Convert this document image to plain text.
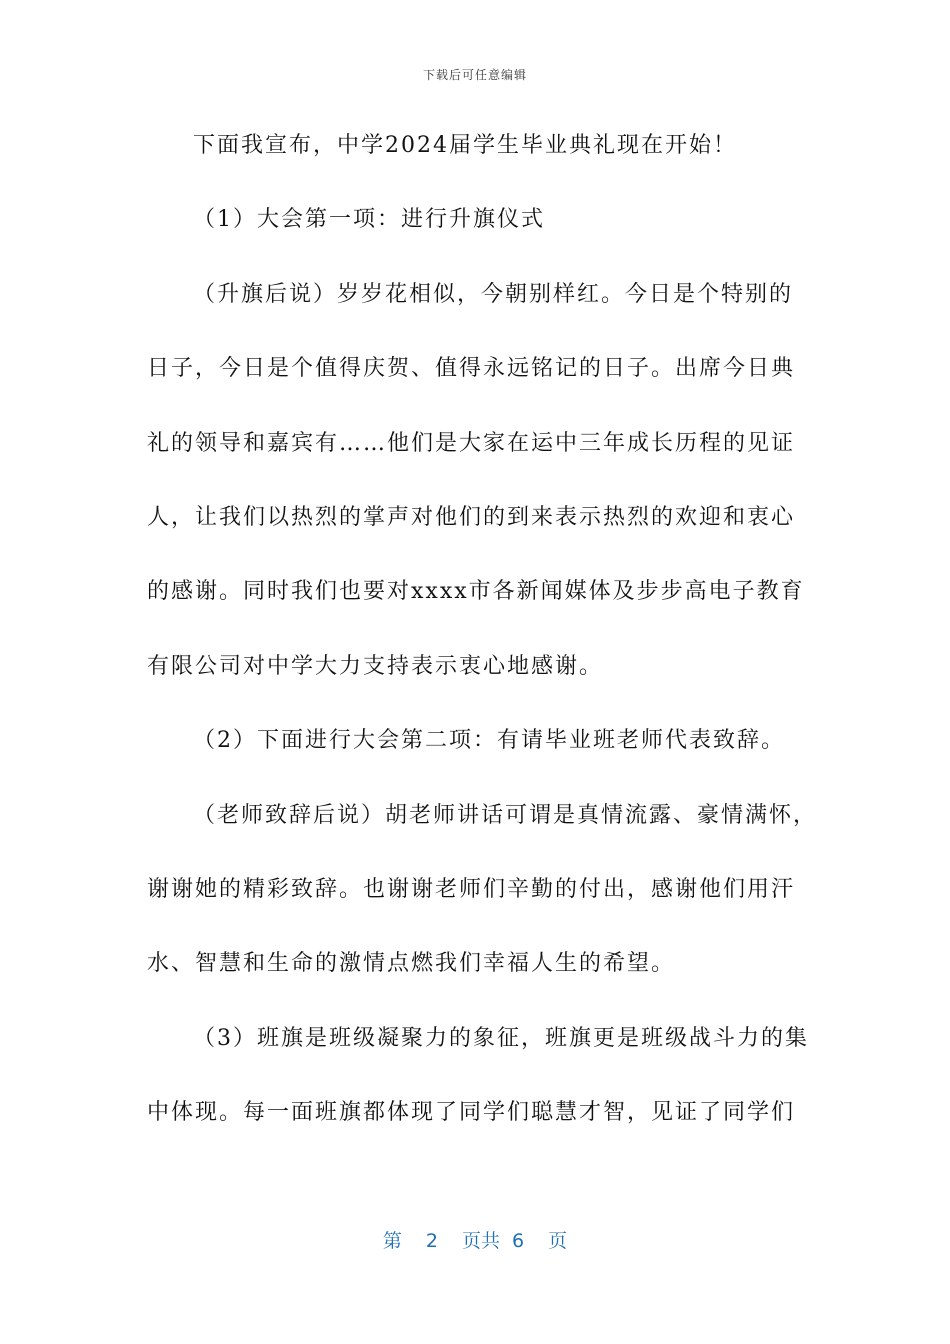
下载后可任意编辑
下面我宣布，中学2024届学生毕业典礼现在开始！
（1）大会第一项：进行升旗仪式
（升旗后说）岁岁花相似，今朝别样红。今日是个特别的
日子，今日是个值得庆贺、值得永远铭记的日子。出席今日典
礼的领导和嘉宾有……他们是大家在运中三年成长历程的见证
人，让我们以热烈的掌声对他们的到来表示热烈的欢迎和衷心
的感谢。同时我们也要对xxxx市各新闻媒体及步步高电子教育
有限公司对中学大力支持表示衷心地感谢。
（2）下面进行大会第二项：有请毕业班老师代表致辞。
（老师致辞后说）胡老师讲话可谓是真情流露、豪情满怀，
谢谢她的精彩致辞。也谢谢老师们辛勤的付出，感谢他们用汗
水、智慧和生命的激情点燃我们幸福人生的希望。
（3）班旗是班级凝聚力的象征，班旗更是班级战斗力的集
中体现。每一面班旗都体现了同学们聪慧才智，见证了同学们
第 2 页共 6 页
